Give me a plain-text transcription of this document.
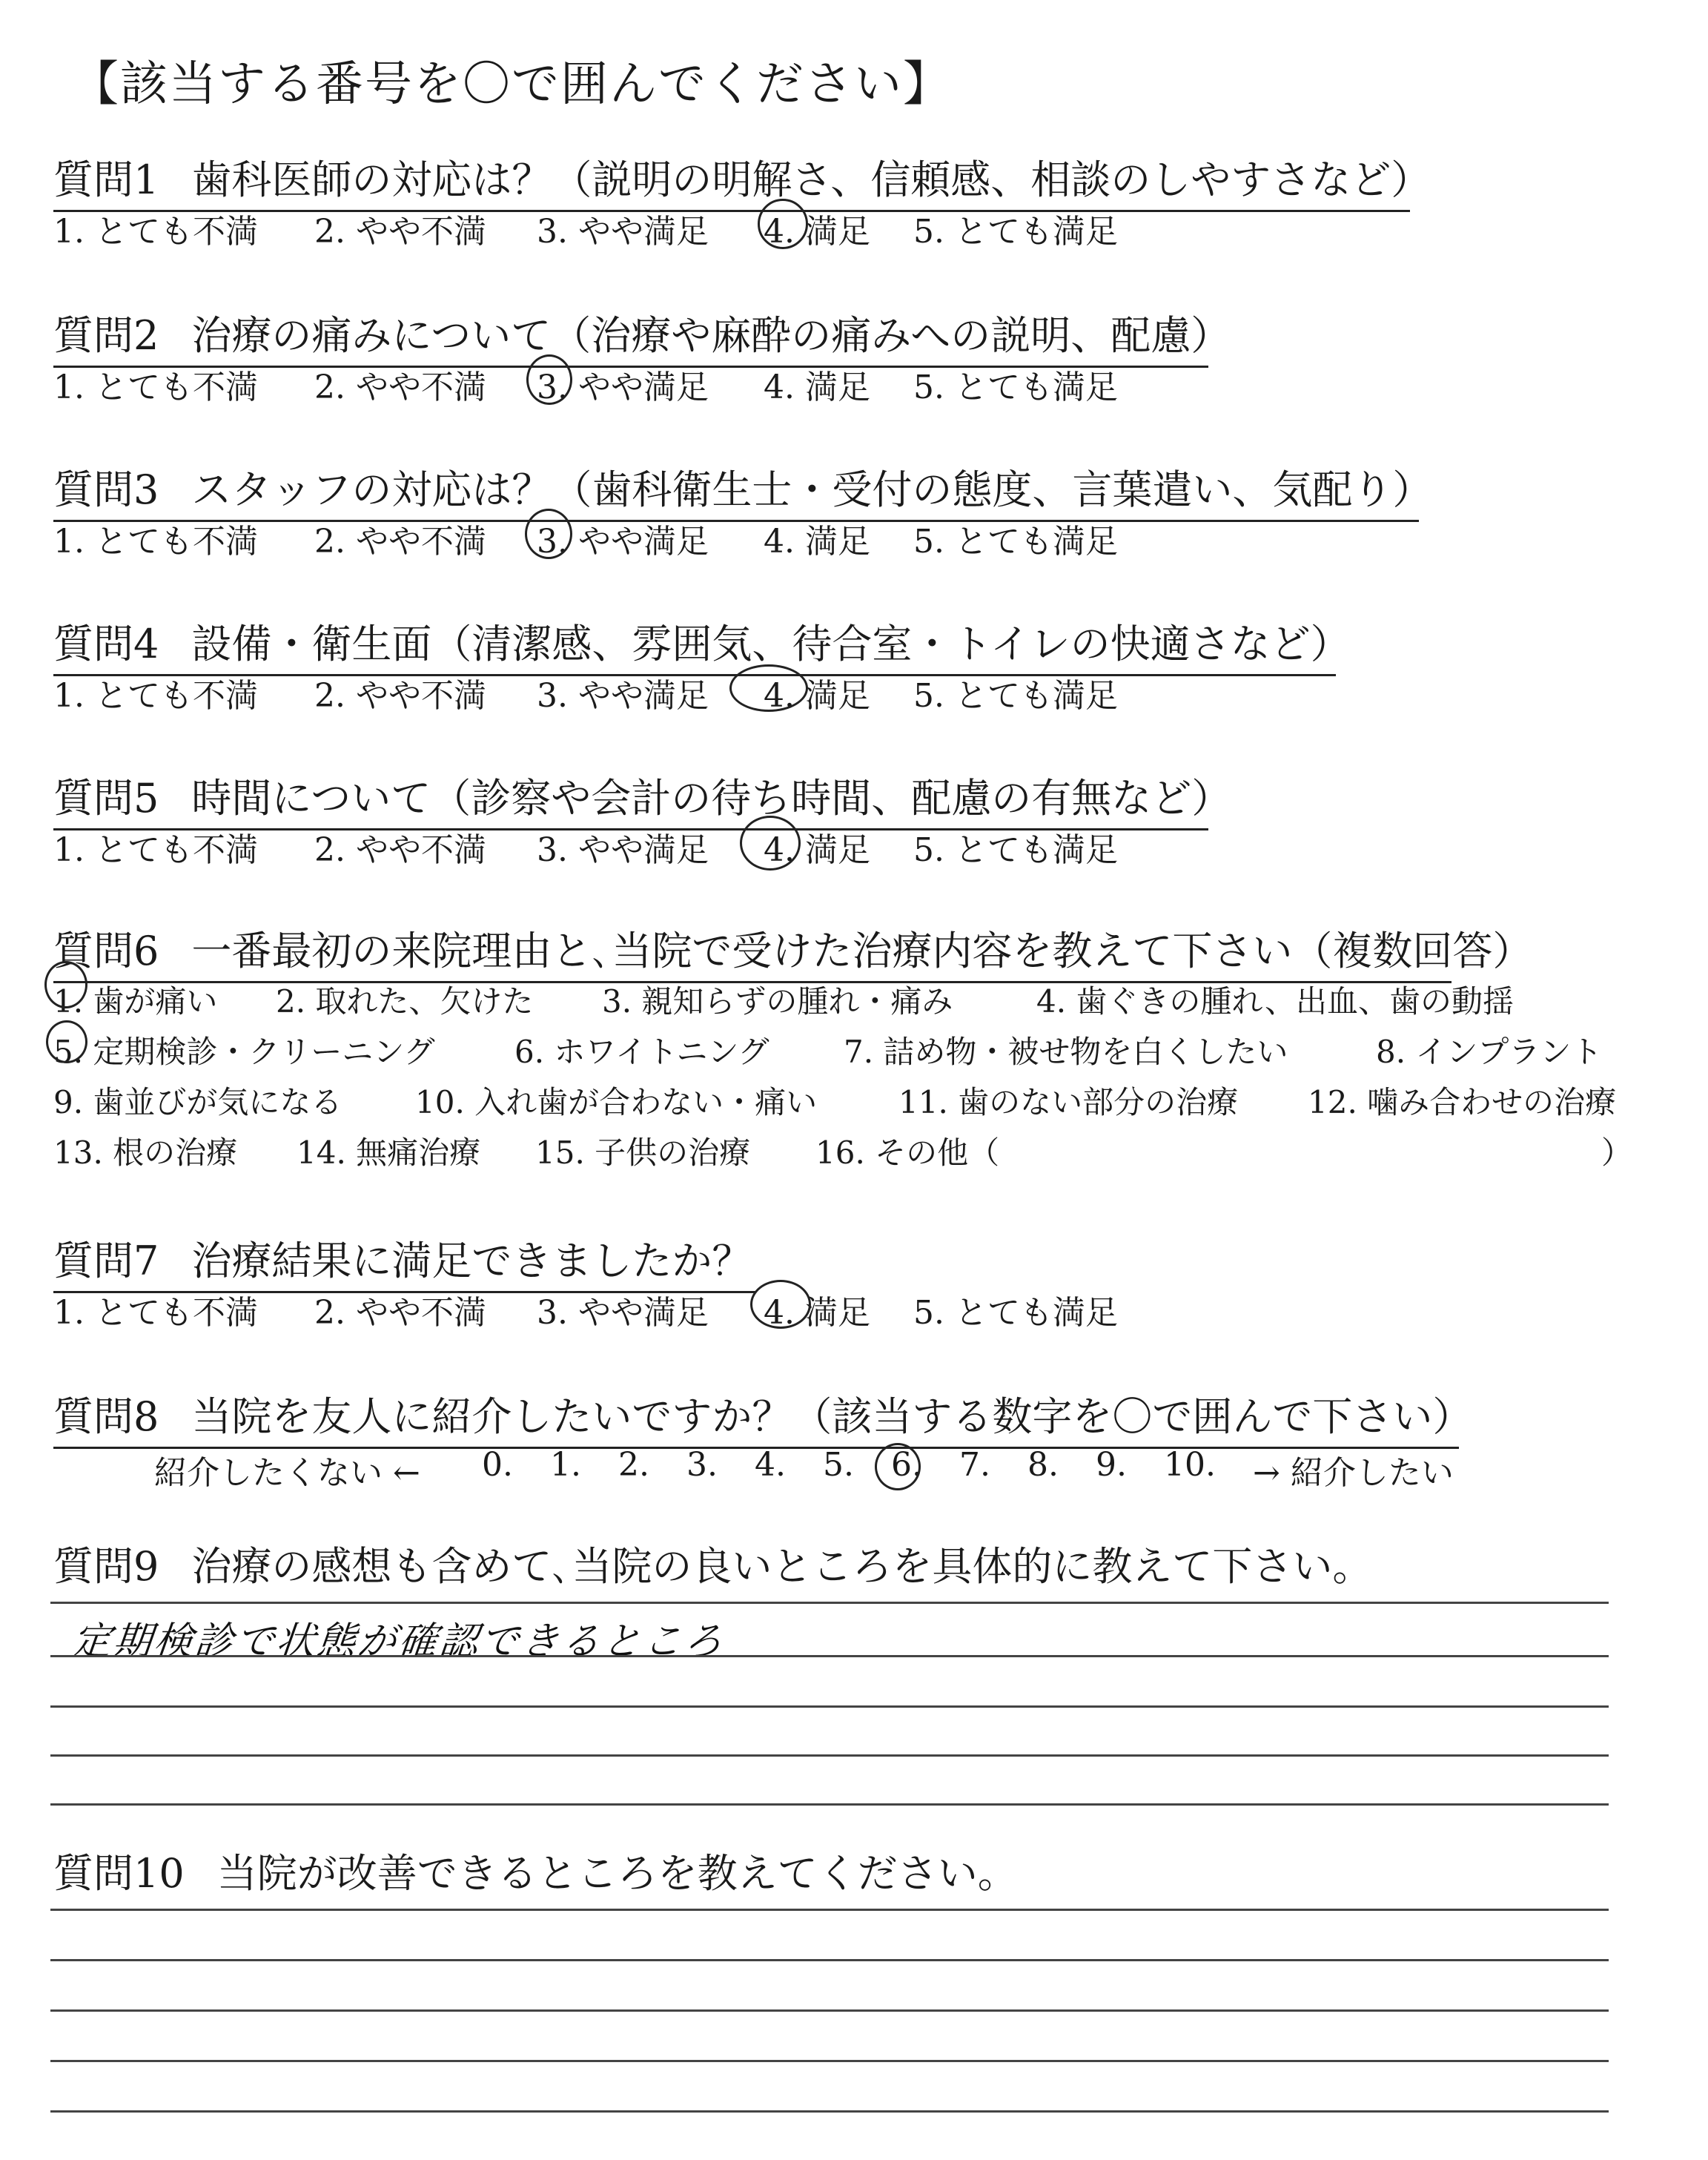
【該当する番号を〇で囲んでください】
質問1 歯科医師の対応は？（説明の明解さ、信頼感、相談のしやすさなど）
1. とても不満 2. やや不満 3. やや満足 4. 満足 5. とても満足
質問2 治療の痛みについて（治療や麻酔の痛みへの説明、配慮）
1. とても不満 2. やや不満 3. やや満足 4. 満足 5. とても満足
質問3 スタッフの対応は？（歯科衛生士・受付の態度、言葉遣い、気配り）
1. とても不満 2. やや不満 3. やや満足 4. 満足 5. とても満足
質問4 設備・衛生面（清潔感、雰囲気、待合室・トイレの快適さなど）
1. とても不満 2. やや不満 3. やや満足 4. 満足 5. とても満足
質問5 時間について（診察や会計の待ち時間、配慮の有無など）
1. とても不満 2. やや不満 3. やや満足 4. 満足 5. とても満足
質問6 一番最初の来院理由と､当院で受けた治療内容を教えて下さい（複数回答）
1. 歯が痛い 2. 取れた、欠けた 3. 親知らずの腫れ・痛み	4. 歯ぐきの腫れ、出血、歯の動揺
5. 定期検診・クリーニング	6. ホワイトニング 7. 詰め物・被せ物を白くしたい	8. インプラント
9. 歯並びが気になる 10. 入れ歯が合わない・痛い	11. 歯のない部分の治療 12. 噛み合わせの治療
13. 根の治療 14. 無痛治療 15. 子供の治療 16. その他（	）
質問7 治療結果に満足できましたか？
1. とても不満 2. やや不満 3. やや満足 4. 満足 5. とても満足
質問8 当院を友人に紹介したいですか？（該当する数字を〇で囲んで下さい）
紹介したくない ← 0. 1. 2. 3. 4. 5. 6. 7. 8. 9. 10. → 紹介したい
質問9 治療の感想も含めて､当院の良いところを具体的に教えて下さい。
定期検診で状態が確認できるところ
質問10 当院が改善できるところを教えてください。
